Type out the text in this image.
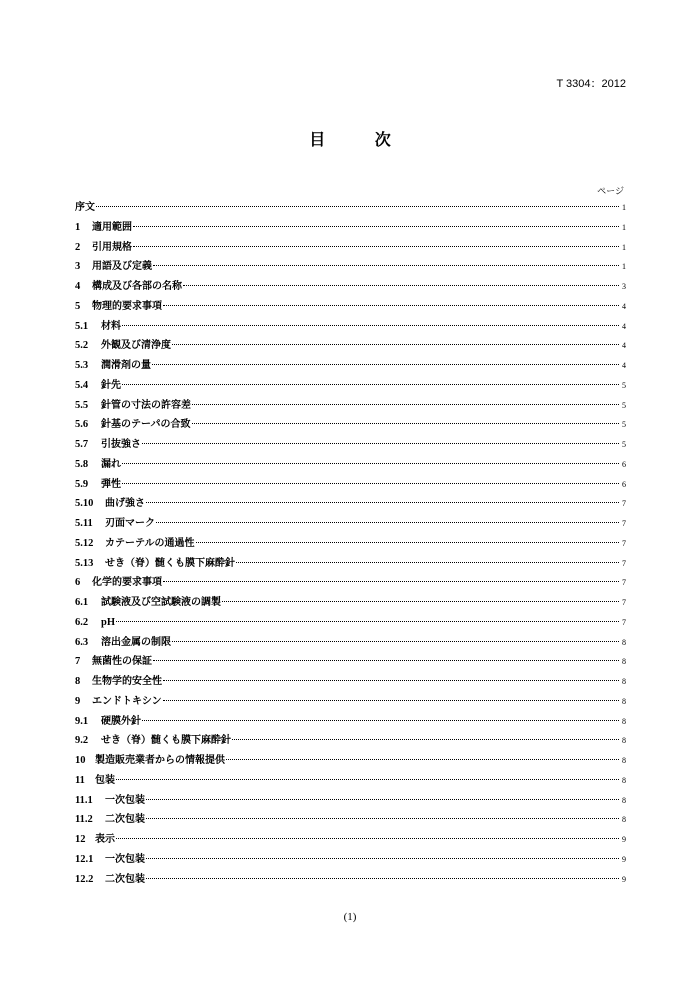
T 3304：2012
目 次
ページ
序文	1
1	適用範囲	1
2	引用規格	1
3	用語及び定義	1
4	構成及び各部の名称	3
5	物理的要求事項	4
5.1	材料	4
5.2	外観及び清浄度	4
5.3	潤滑剤の量	4
5.4	針先	5
5.5	針管の寸法の許容差	5
5.6	針基のテーパの合致	5
5.7	引抜強さ	5
5.8	漏れ	6
5.9	弾性	6
5.10	曲げ強さ	7
5.11	刃面マーク	7
5.12	カテーテルの通過性	7
5.13	せき（脊）髄くも膜下麻酔針	7
6	化学的要求事項	7
6.1	試験液及び空試験液の調製	7
6.2	pH	7
6.3	溶出金属の制限	8
7	無菌性の保証	8
8	生物学的安全性	8
9	エンドトキシン	8
9.1	硬膜外針	8
9.2	せき（脊）髄くも膜下麻酔針	8
10 製造販売業者からの情報提供	8
11	包装	8
11.1	一次包装	8
11.2	二次包装	8
12 表示	9
12.1	一次包装	9
12.2	二次包装	9
(1)
